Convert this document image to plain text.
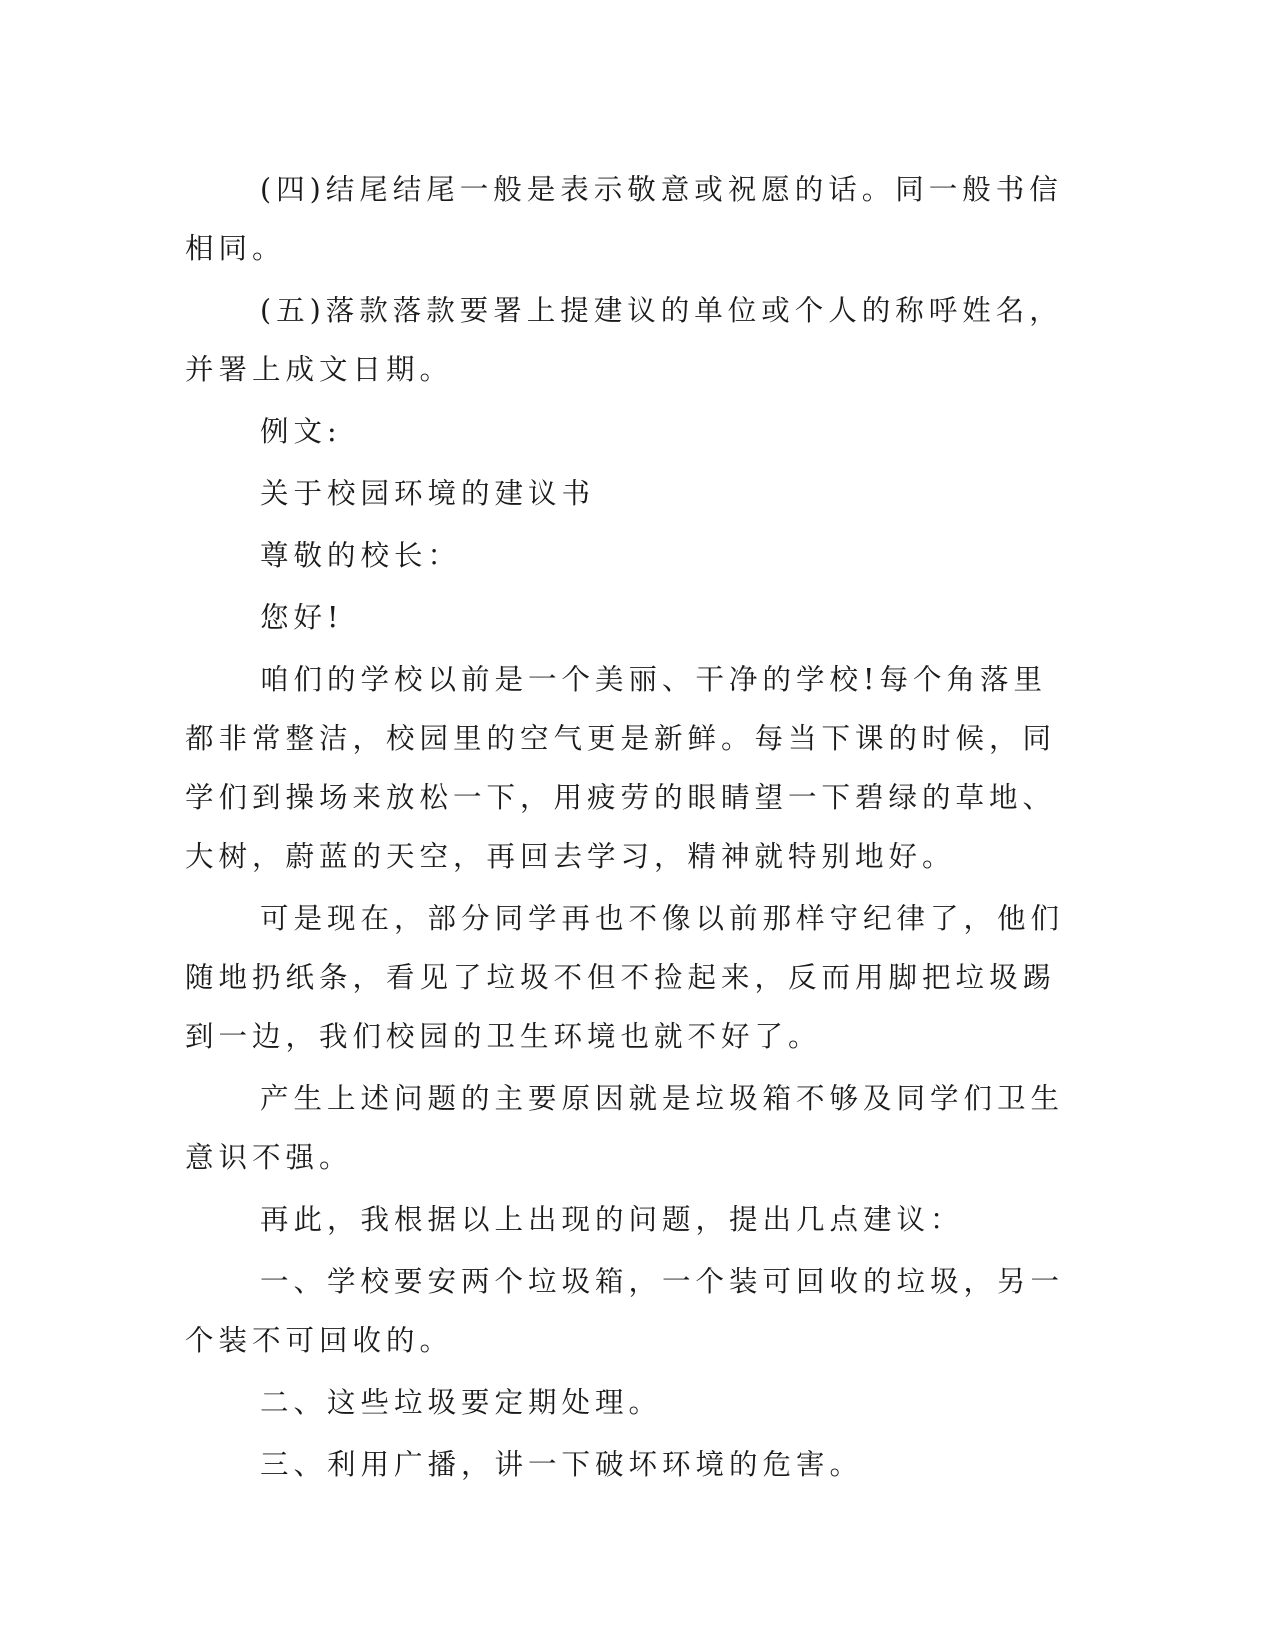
(四)结尾结尾一般是表示敬意或祝愿的话。同一般书信相同。

(五)落款落款要署上提建议的单位或个人的称呼姓名，并署上成文日期。

例文:

关于校园环境的建议书

尊敬的校长：

您好!

咱们的学校以前是一个美丽、干净的学校!每个角落里都非常整洁，校园里的空气更是新鲜。每当下课的时候，同学们到操场来放松一下，用疲劳的眼睛望一下碧绿的草地、大树，蔚蓝的天空，再回去学习，精神就特别地好。

可是现在，部分同学再也不像以前那样守纪律了，他们随地扔纸条，看见了垃圾不但不捡起来，反而用脚把垃圾踢到一边，我们校园的卫生环境也就不好了。

产生上述问题的主要原因就是垃圾箱不够及同学们卫生意识不强。

再此，我根据以上出现的问题，提出几点建议：

一、学校要安两个垃圾箱，一个装可回收的垃圾，另一个装不可回收的。

二、这些垃圾要定期处理。

三、利用广播，讲一下破坏环境的危害。
